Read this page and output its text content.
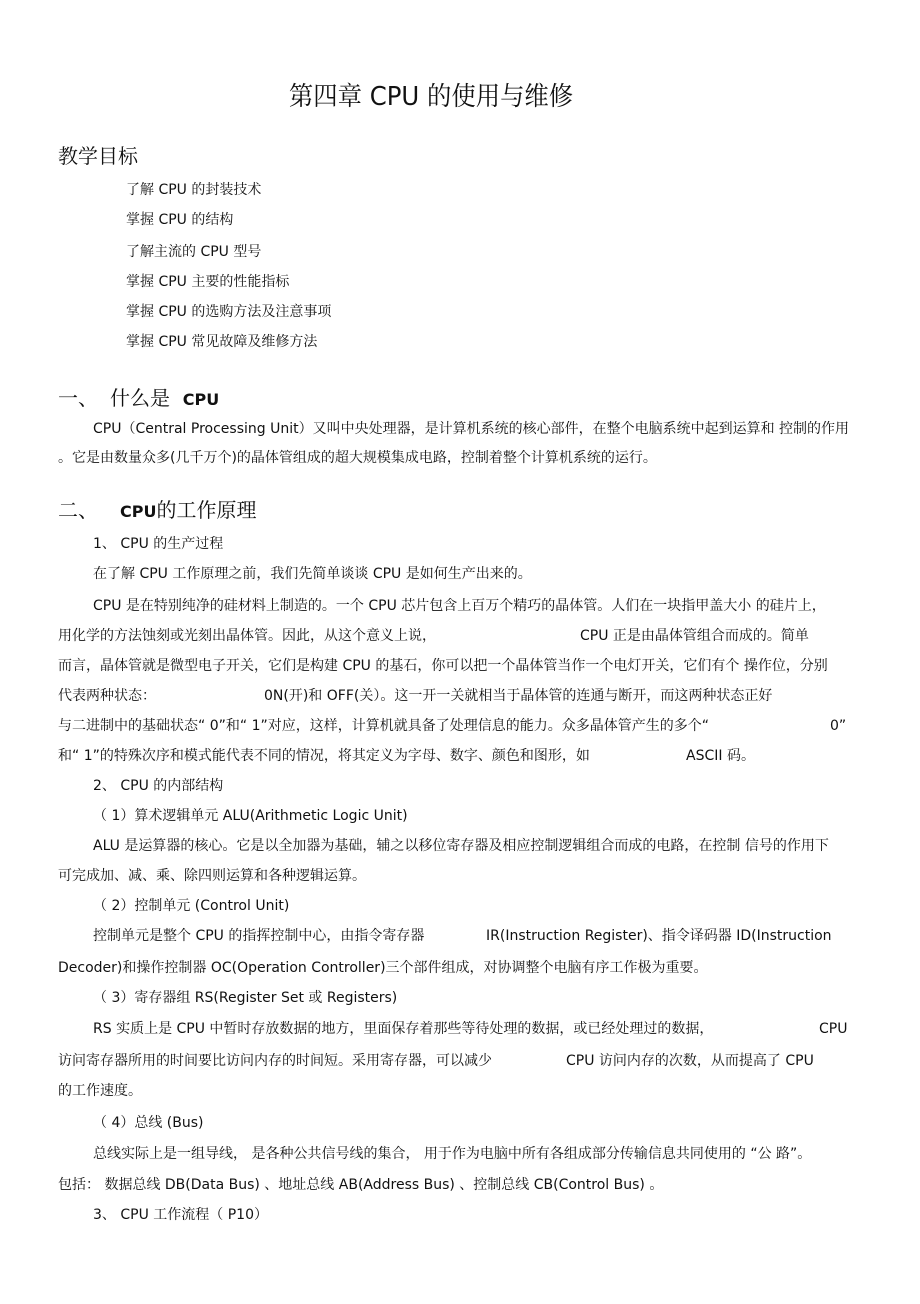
第四章 CPU 的使用与维修
教学目标
了解 CPU 的封装技术
掌握 CPU 的结构
了解主流的 CPU 型号
掌握 CPU 主要的性能指标
掌握 CPU 的选购方法及注意事项
掌握 CPU 常见故障及维修方法
一、 什么是 CPU
CPU（Central Processing Unit）又叫中央处理器，是计算机系统的核心部件，在整个电脑系统中起到运算和 控制的作用
。它是由数量众多(几千万个)的晶体管组成的超大规模集成电路，控制着整个计算机系统的运行。
二、 CPU的工作原理
1、 CPU 的生产过程
在了解 CPU 工作原理之前，我们先简单谈谈 CPU 是如何生产出来的。
CPU 是在特别纯净的硅材料上制造的。一个 CPU 芯片包含上百万个精巧的晶体管。人们在一块指甲盖大小 的硅片上，
用化学的方法蚀刻或光刻出晶体管。因此，从这个意义上说，	CPU 正是由晶体管组合而成的。简单
而言，晶体管就是微型电子开关，它们是构建 CPU 的基石，你可以把一个晶体管当作一个电灯开关，它们有个 操作位，分别
代表两种状态：	0N(开)和 OFF(关）。这一开一关就相当于晶体管的连通与断开，而这两种状态正好
与二进制中的基础状态“ 0”和“ 1”对应，这样，计算机就具备了处理信息的能力。众多晶体管产生的多个“	0”
和“ 1”的特殊次序和模式能代表不同的情况，将其定义为字母、数字、颜色和图形，如	ASCII 码。
2、 CPU 的内部结构
（ 1）算术逻辑单元 ALU(Arithmetic Logic Unit)
ALU 是运算器的核心。它是以全加器为基础，辅之以移位寄存器及相应控制逻辑组合而成的电路，在控制 信号的作用下
可完成加、减、乘、除四则运算和各种逻辑运算。
（ 2）控制单元 (Control Unit)
控制单元是整个 CPU 的指挥控制中心，由指令寄存器	IR(Instruction Register)、指令译码器 ID(Instruction
Decoder)和操作控制器 OC(Operation Controller)三个部件组成，对协调整个电脑有序工作极为重要。
（ 3）寄存器组 RS(Register Set 或 Registers)
RS 实质上是 CPU 中暂时存放数据的地方，里面保存着那些等待处理的数据，或已经处理过的数据，	CPU
访问寄存器所用的时间要比访问内存的时间短。采用寄存器，可以减少	CPU 访问内存的次数，从而提高了 CPU
的工作速度。
（ 4）总线 (Bus)
总线实际上是一组导线， 是各种公共信号线的集合， 用于作为电脑中所有各组成部分传输信息共同使用的 “公 路”。
包括： 数据总线 DB(Data Bus) 、地址总线 AB(Address Bus) 、控制总线 CB(Control Bus) 。
3、 CPU 工作流程（ P10）
